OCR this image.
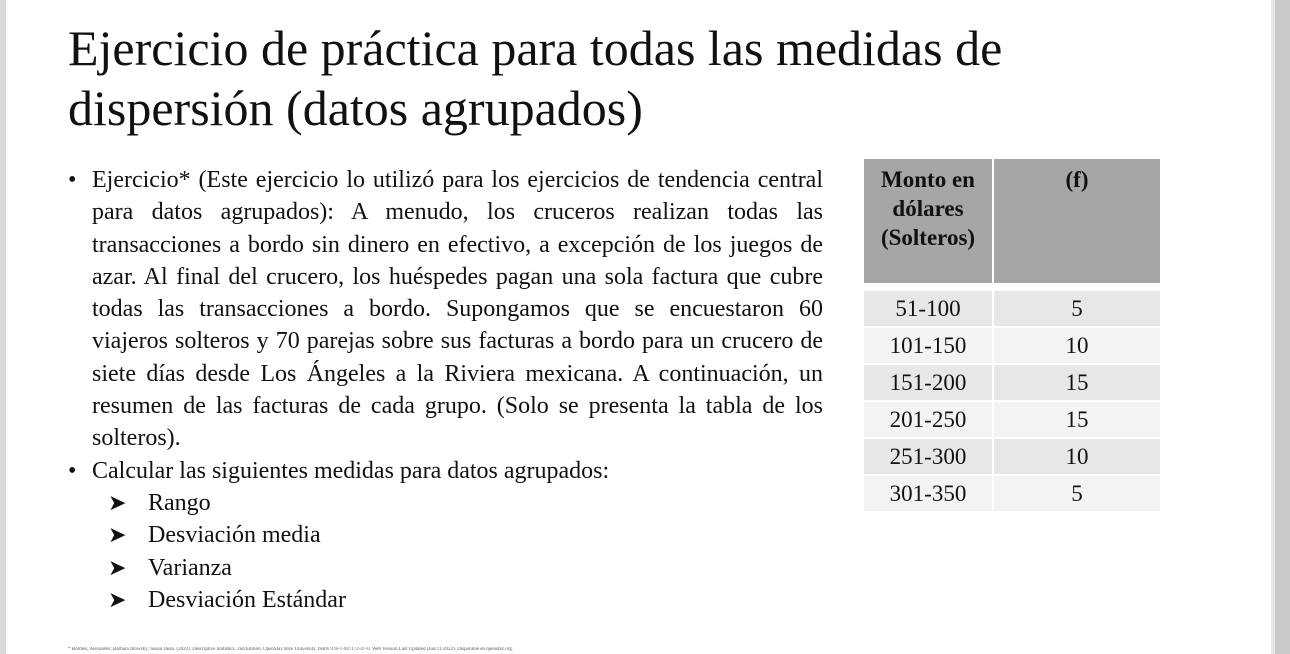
Ejercicio de práctica para todas las medidas de dispersión (datos agrupados)
• Ejercicio* (Este ejercicio lo utilizó para los ejercicios de tendencia central para datos agrupados): A menudo, los cruceros realizan todas las transacciones a bordo sin dinero en efectivo, a excepción de los juegos de azar. Al final del crucero, los huéspedes pagan una sola factura que cubre todas las transacciones a bordo. Supongamos que se encuestaron 60 viajeros solteros y 70 parejas sobre sus facturas a bordo para un crucero de siete días desde Los Ángeles a la Riviera mexicana. A continuación, un resumen de las facturas de cada grupo. (Solo se presenta la tabla de los solteros).
• Calcular las siguientes medidas para datos agrupados:
➤ Rango
➤ Desviación media
➤ Varianza
➤ Desviación Estándar
Monto en dólares (Solteros)	(f)

51-100	5
101-150	10
151-200	15
201-250	15
251-300	10
301-350	5
* Holmes, Alexander; Barbara Illowsky; Susan Dean. (2022). Descriptive Statistics. 2nd Edition. OpenStax Rice University. ISBN 978-1-947172-47-0. Web Version Last Updated (Jun/11/2022). Disponible en openstax.org.
